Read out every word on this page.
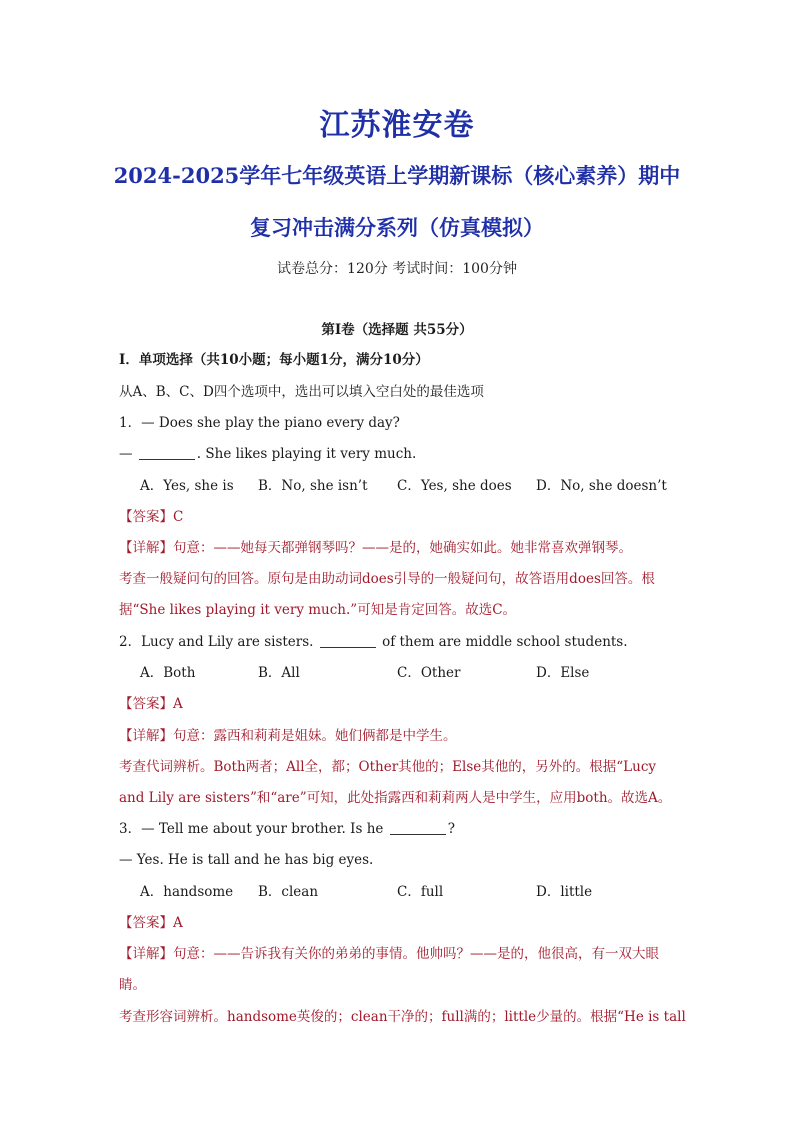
江苏淮安卷
2024-2025学年七年级英语上学期新课标（核心素养）期中
复习冲击满分系列（仿真模拟）
试卷总分：120分 考试时间：100分钟
第Ⅰ卷（选择题 共55分）
Ⅰ．单项选择（共10小题；每小题1分，满分10分）
从A、B、C、D四个选项中，选出可以填入空白处的最佳选项
1．— Does she play the piano every day?
—	. She likes playing it very much.
A．Yes, she is B．No, she isn’t C．Yes, she does D．No, she doesn’t
【答案】C
【详解】句意：——她每天都弹钢琴吗？——是的，她确实如此。她非常喜欢弹钢琴。
考查一般疑问句的回答。原句是由助动词does引导的一般疑问句，故答语用does回答。根
据“She likes playing it very much.”可知是肯定回答。故选C。
2．Lucy and Lily are sisters.	of them are middle school students.
A．Both	B．All	C．Other	D．Else
【答案】A
【详解】句意：露西和莉莉是姐妹。她们俩都是中学生。
考查代词辨析。Both两者；All全，都；Other其他的；Else其他的，另外的。根据“Lucy
and Lily are sisters”和“are”可知，此处指露西和莉莉两人是中学生，应用both。故选A。
3．— Tell me about your brother. Is he	?
— Yes. He is tall and he has big eyes.
A．handsome B．clean	C．full	D．little
【答案】A
【详解】句意：——告诉我有关你的弟弟的事情。他帅吗？——是的，他很高，有一双大眼
睛。
考查形容词辨析。handsome英俊的；clean干净的；full满的；little少量的。根据“He is tall
